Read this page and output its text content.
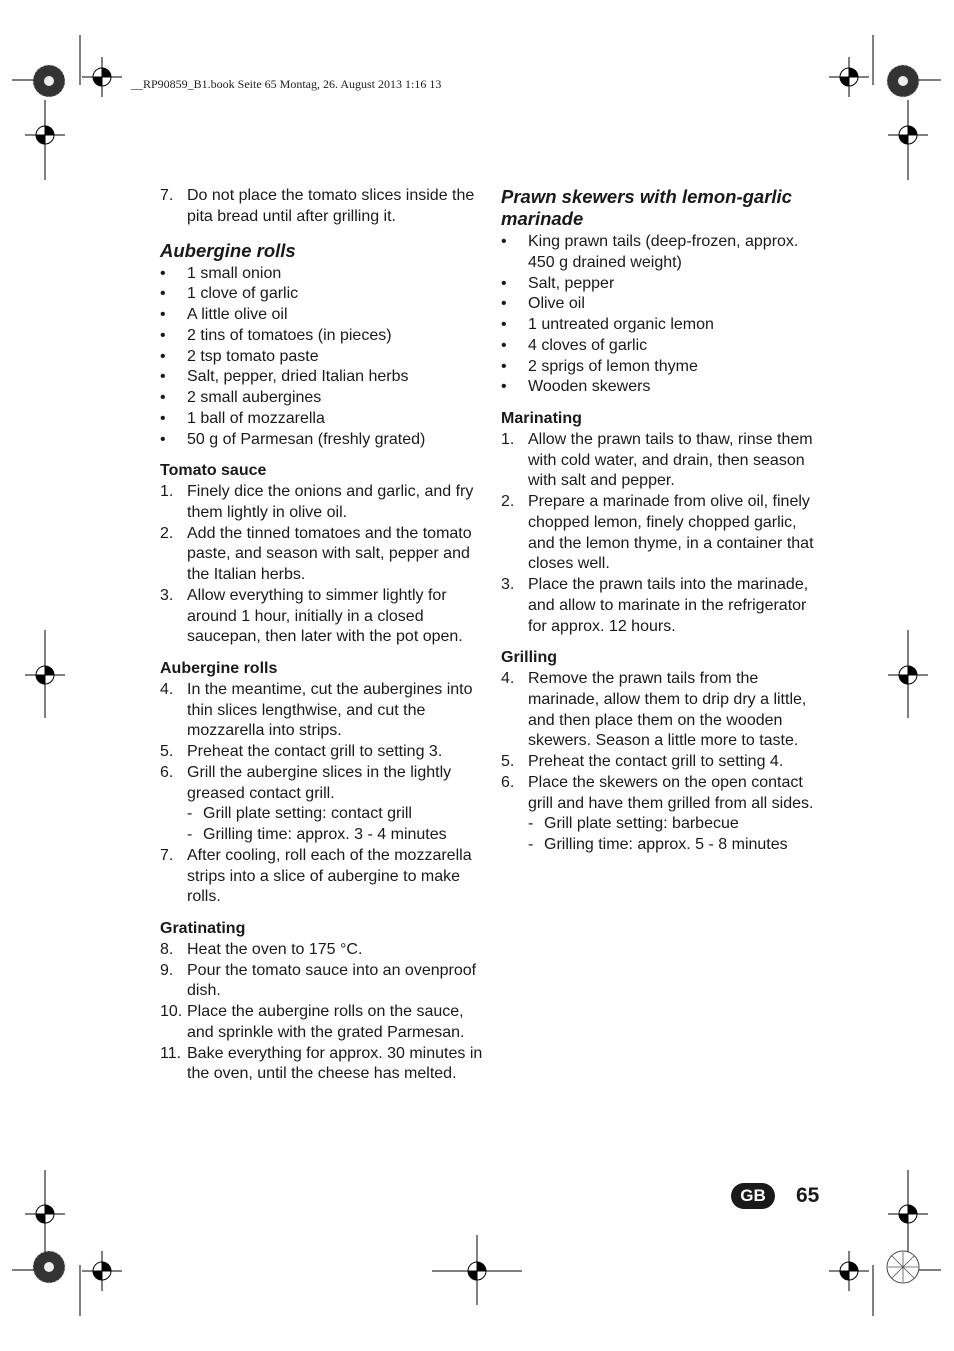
__RP90859_B1.book Seite 65 Montag, 26. August 2013 1:16 13
7. Do not place the tomato slices inside the pita bread until after grilling it.
Aubergine rolls
•	1 small onion
•	1 clove of garlic
•	A little olive oil
•	2 tins of tomatoes (in pieces)
•	2 tsp tomato paste
•	Salt, pepper, dried Italian herbs
•	2 small aubergines
•	1 ball of mozzarella
•	50 g of Parmesan (freshly grated)
Tomato sauce
1. Finely dice the onions and garlic, and fry them lightly in olive oil.
2. Add the tinned tomatoes and the tomato paste, and season with salt, pepper and the Italian herbs.
3. Allow everything to simmer lightly for around 1 hour, initially in a closed saucepan, then later with the pot open.
Aubergine rolls
4. In the meantime, cut the aubergines into thin slices lengthwise, and cut the mozzarella into strips.
5. Preheat the contact grill to setting 3.
6. Grill the aubergine slices in the lightly greased contact grill.
- Grill plate setting: contact grill
- Grilling time: approx. 3 - 4 minutes
7. After cooling, roll each of the mozzarella strips into a slice of aubergine to make rolls.
Gratinating
8. Heat the oven to 175 °C.
9. Pour the tomato sauce into an ovenproof dish.
10. Place the aubergine rolls on the sauce, and sprinkle with the grated Parmesan.
11. Bake everything for approx. 30 minutes in the oven, until the cheese has melted.
Prawn skewers with lemon-garlic marinade
•	King prawn tails (deep-frozen, approx. 450 g drained weight)
•	Salt, pepper
•	Olive oil
•	1 untreated organic lemon
•	4 cloves of garlic
•	2 sprigs of lemon thyme
•	Wooden skewers
Marinating
1. Allow the prawn tails to thaw, rinse them with cold water, and drain, then season with salt and pepper.
2. Prepare a marinade from olive oil, finely chopped lemon, finely chopped garlic, and the lemon thyme, in a container that closes well.
3. Place the prawn tails into the marinade, and allow to marinate in the refrigerator for approx. 12 hours.
Grilling
4. Remove the prawn tails from the marinade, allow them to drip dry a little, and then place them on the wooden skewers. Season a little more to taste.
5. Preheat the contact grill to setting 4.
6. Place the skewers on the open contact grill and have them grilled from all sides.
- Grill plate setting: barbecue
- Grilling time: approx. 5 - 8 minutes
GB	65
